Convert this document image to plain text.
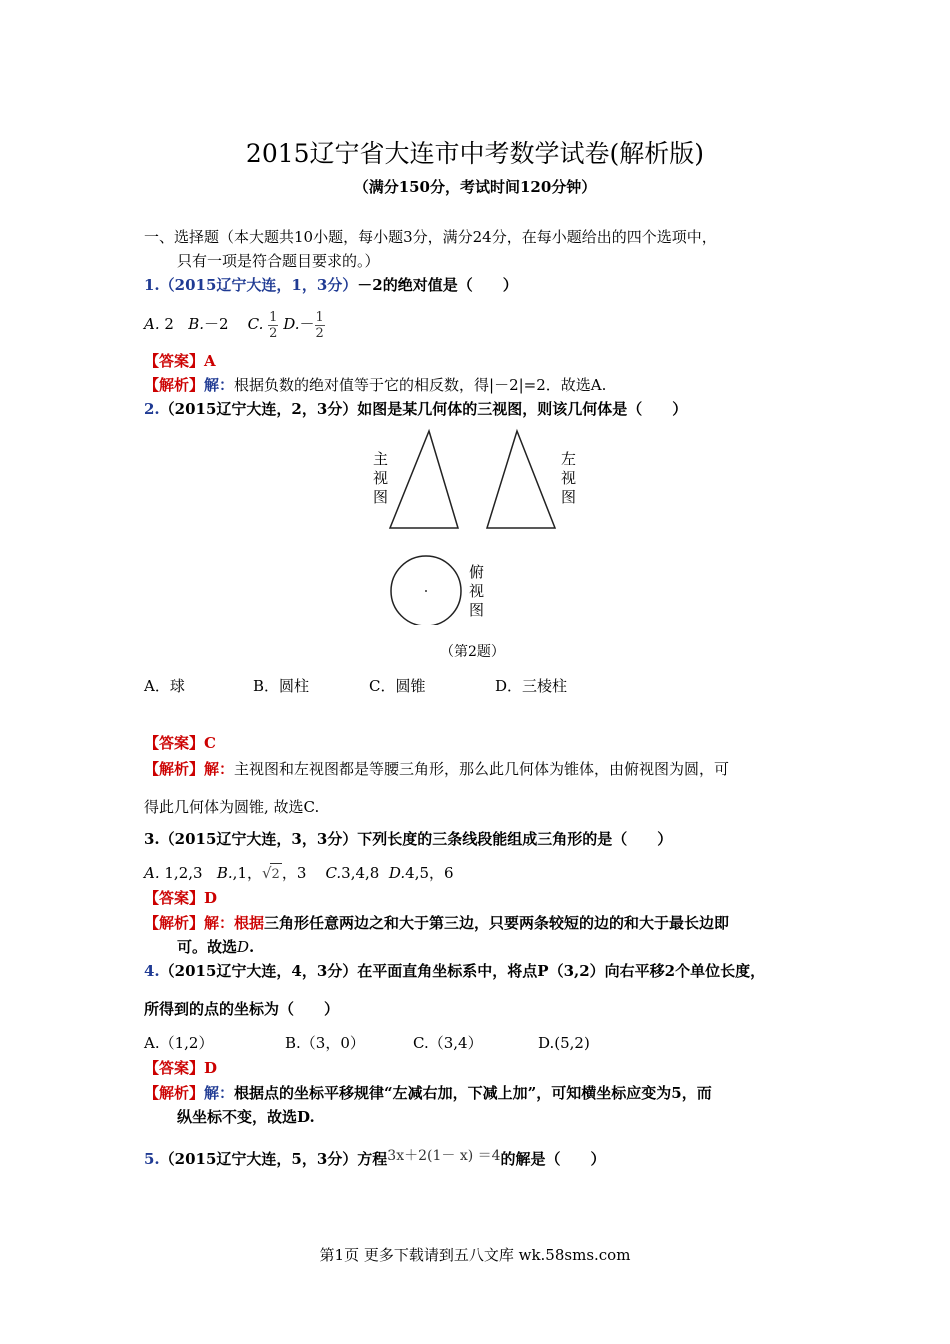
2015辽宁省大连市中考数学试卷(解析版)
（满分150分，考试时间120分钟）
一、选择题（本大题共10小题，每小题3分，满分24分，在每小题给出的四个选项中，
只有一项是符合题目要求的。）
1.（2015辽宁大连，1，3分）－2的绝对值是（　　）
A. 2 B.－2 C. $\frac{1}{2} D.- \frac{1}{2}$
【答案】A
【解析】解：根据负数的绝对值等于它的相反数，得|－2|=2．故选A.
2.（2015辽宁大连，2，3分）如图是某几何体的三视图，则该几何体是（　　）
主视图
左视图
俯视图
（第2题）
A．球	B．圆柱	C．圆锥	D．三棱柱
【答案】C
【解析】解：主视图和左视图都是等腰三角形，那么此几何体为锥体，由俯视图为圆，可
得此几何体为圆锥, 故选C.
3.（2015辽宁大连，3，3分）下列长度的三条线段能组成三角形的是（　　）
A. 1,2,3 B.,1，√2 ，3 C.3,4,8 D.4,5，6
【答案】D
【解析】解：根据三角形任意两边之和大于第三边，只要两条较短的边的和大于最长边即
可。故选D.
4.（2015辽宁大连，4，3分）在平面直角坐标系中，将点P（3,2）向右平移2个单位长度，
所得到的点的坐标为（　　）
A.（1,2）	B.（3，0）	C.（3,4）	D.(5,2)
【答案】D
【解析】解：根据点的坐标平移规律“左减右加，下减上加”，可知横坐标应变为5，而
纵坐标不变，故选D.
5.（2015辽宁大连，5，3分）方程3x＋2(1－ x) ＝4的解是（　　）
第1页 更多下载请到五八文库 wk.58sms.com
